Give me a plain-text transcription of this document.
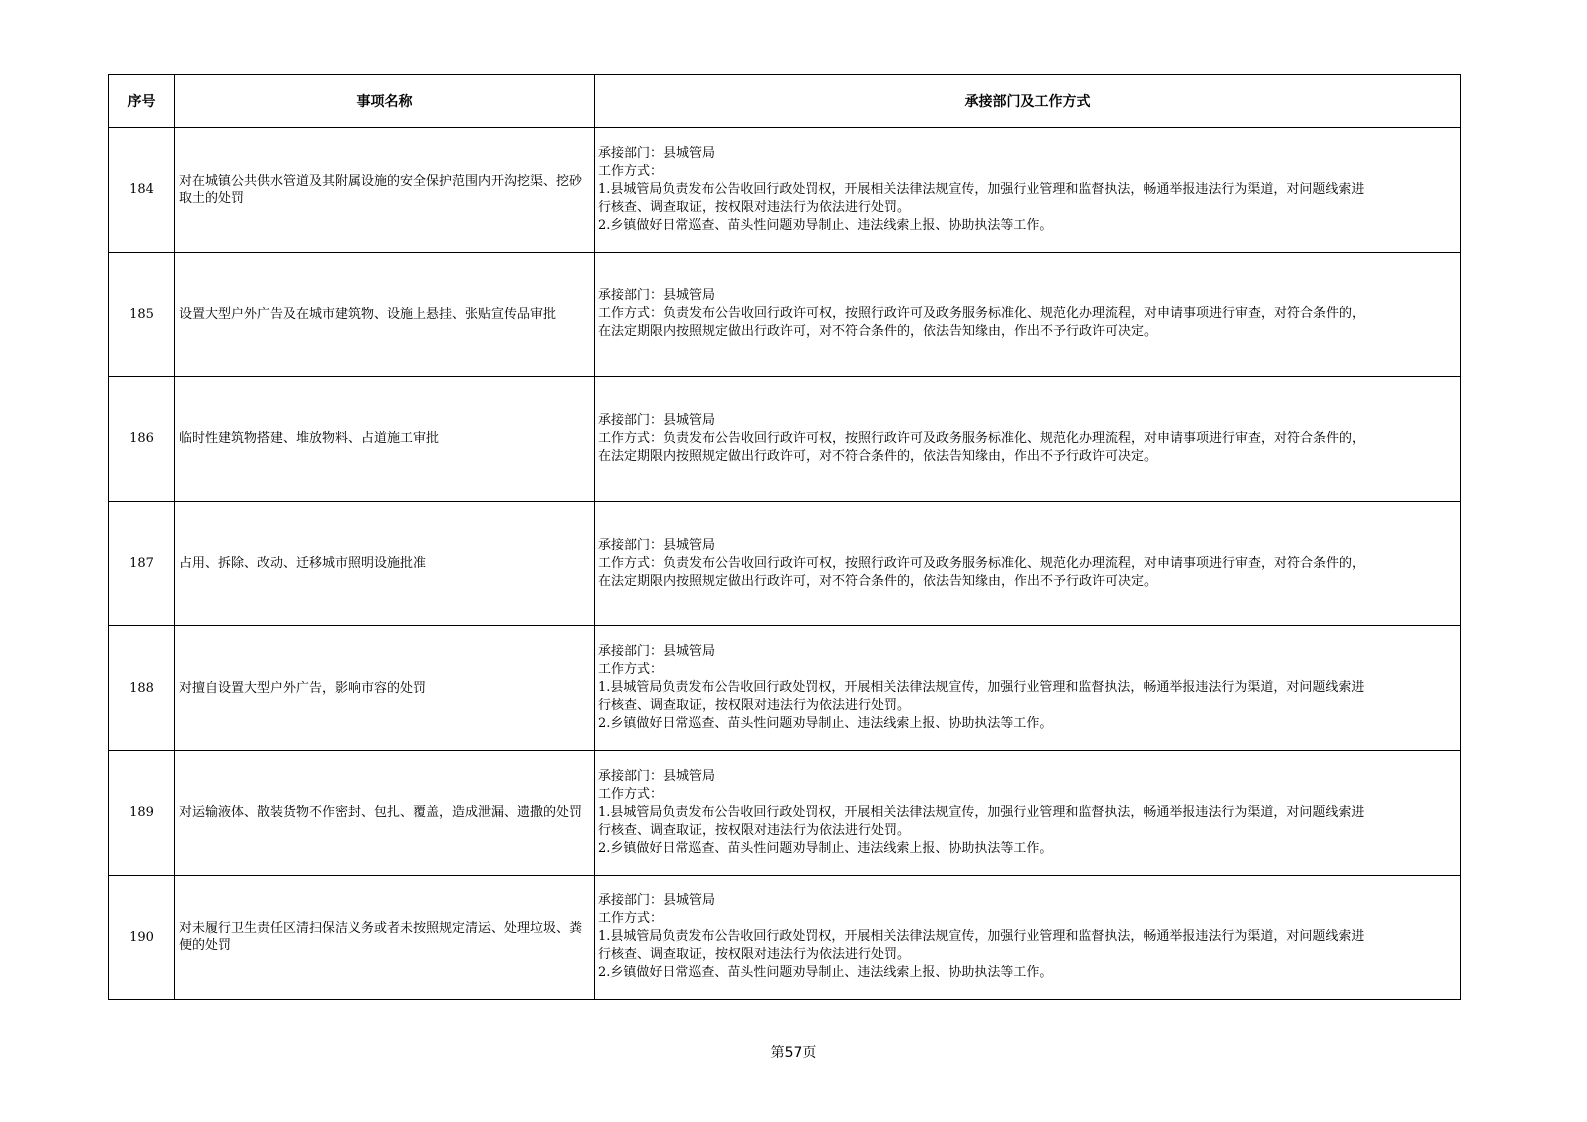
序号	事项名称	承接部门及工作方式
184	对在城镇公共供水管道及其附属设施的安全保护范围内开沟挖渠、挖砂取土的处罚	承接部门：县城管局
工作方式：
1.县城管局负责发布公告收回行政处罚权，开展相关法律法规宣传，加强行业管理和监督执法，畅通举报违法行为渠道，对问题线索进
行核查、调查取证，按权限对违法行为依法进行处罚。
2.乡镇做好日常巡查、苗头性问题劝导制止、违法线索上报、协助执法等工作。

185	设置大型户外广告及在城市建筑物、设施上悬挂、张贴宣传品审批	承接部门：县城管局
工作方式：负责发布公告收回行政许可权，按照行政许可及政务服务标准化、规范化办理流程，对申请事项进行审查，对符合条件的，
在法定期限内按照规定做出行政许可，对不符合条件的，依法告知缘由，作出不予行政许可决定。

186	临时性建筑物搭建、堆放物料、占道施工审批	承接部门：县城管局
工作方式：负责发布公告收回行政许可权，按照行政许可及政务服务标准化、规范化办理流程，对申请事项进行审查，对符合条件的，
在法定期限内按照规定做出行政许可，对不符合条件的，依法告知缘由，作出不予行政许可决定。

187	占用、拆除、改动、迁移城市照明设施批准	承接部门：县城管局
工作方式：负责发布公告收回行政许可权，按照行政许可及政务服务标准化、规范化办理流程，对申请事项进行审查，对符合条件的，
在法定期限内按照规定做出行政许可，对不符合条件的，依法告知缘由，作出不予行政许可决定。

188	对擅自设置大型户外广告，影响市容的处罚	承接部门：县城管局
工作方式：
1.县城管局负责发布公告收回行政处罚权，开展相关法律法规宣传，加强行业管理和监督执法，畅通举报违法行为渠道，对问题线索进
行核查、调查取证，按权限对违法行为依法进行处罚。
2.乡镇做好日常巡查、苗头性问题劝导制止、违法线索上报、协助执法等工作。

189	对运输液体、散装货物不作密封、包扎、覆盖，造成泄漏、遗撒的处罚	承接部门：县城管局
工作方式：
1.县城管局负责发布公告收回行政处罚权，开展相关法律法规宣传，加强行业管理和监督执法，畅通举报违法行为渠道，对问题线索进
行核查、调查取证，按权限对违法行为依法进行处罚。
2.乡镇做好日常巡查、苗头性问题劝导制止、违法线索上报、协助执法等工作。

190	对未履行卫生责任区清扫保洁义务或者未按照规定清运、处理垃圾、粪便的处罚	承接部门：县城管局
工作方式：
1.县城管局负责发布公告收回行政处罚权，开展相关法律法规宣传，加强行业管理和监督执法，畅通举报违法行为渠道，对问题线索进
行核查、调查取证，按权限对违法行为依法进行处罚。
2.乡镇做好日常巡查、苗头性问题劝导制止、违法线索上报、协助执法等工作。
第57页
